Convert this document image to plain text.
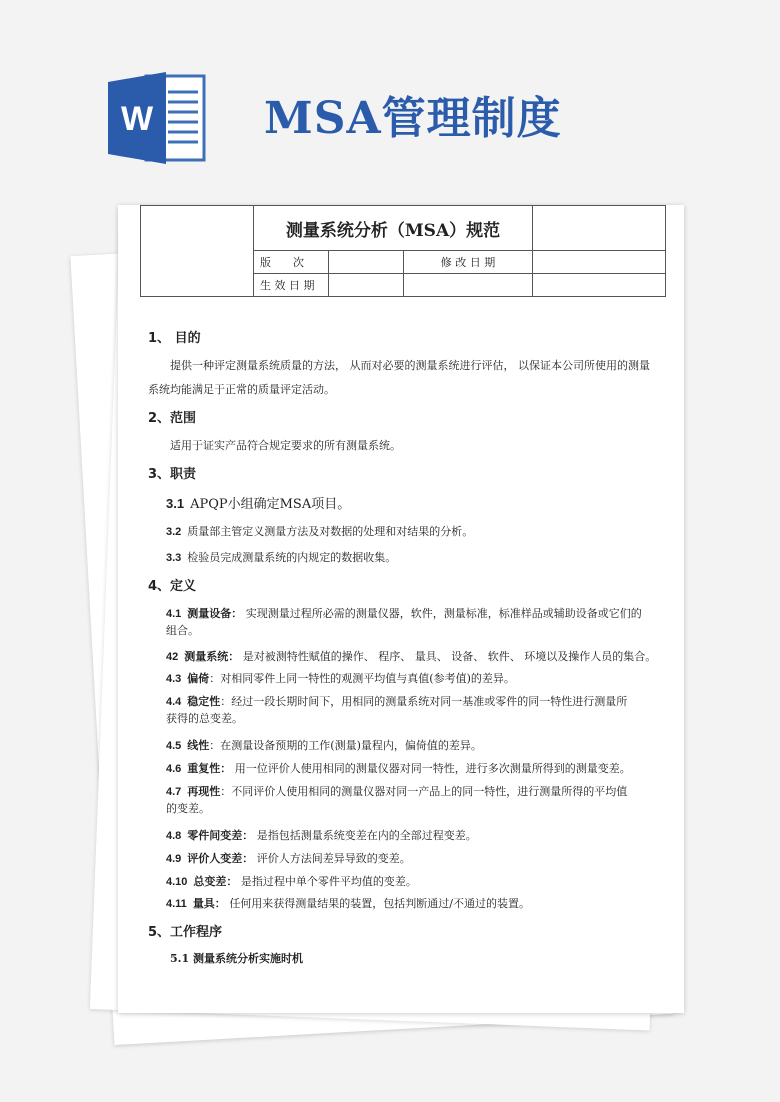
W	MSA管理制度
	测量系统分析（MSA）规范			
	版　　次		修 改 日 期	
	生 效 日 期			
1、 目的
提供一种评定测量系统质量的方法， 从而对必要的测量系统进行评估， 以保证本公司所使用的测量
系统均能满足于正常的质量评定活动。
2、范围
适用于证实产品符合规定要求的所有测量系统。
3、职责
3.1 APQP小组确定MSA项目。
3.2 质量部主管定义测量方法及对数据的处理和对结果的分析。
3.3 检验员完成测量系统的内规定的数据收集。
4、定义
4.1 测量设备： 实现测量过程所必需的测量仪器，软件，测量标准，标准样品或辅助设备或它们的
组合。
42 测量系统： 是对被测特性赋值的操作、 程序、 量具、 设备、 软件、 环境以及操作人员的集合。
4.3 偏倚：对相同零件上同一特性的观测平均值与真值(参考值)的差异。
4.4 稳定性：经过一段长期时间下，用相同的测量系统对同一基准或零件的同一特性进行测量所
获得的总变差。
4.5 线性：在测量设备预期的工作(测量)量程内，偏倚值的差异。
4.6 重复性： 用一位评价人使用相同的测量仪器对同一特性，进行多次测量所得到的测量变差。
4.7 再现性：不同评价人使用相同的测量仪器对同一产品上的同一特性，进行测量所得的平均值
的变差。
4.8 零件间变差： 是指包括测量系统变差在内的全部过程变差。
4.9 评价人变差： 评价人方法间差异导致的变差。
4.10 总变差： 是指过程中单个零件平均值的变差。
4.11 量具： 任何用来获得测量结果的装置，包括判断通过/不通过的装置。
5、工作程序
5.1 测量系统分析实施时机
